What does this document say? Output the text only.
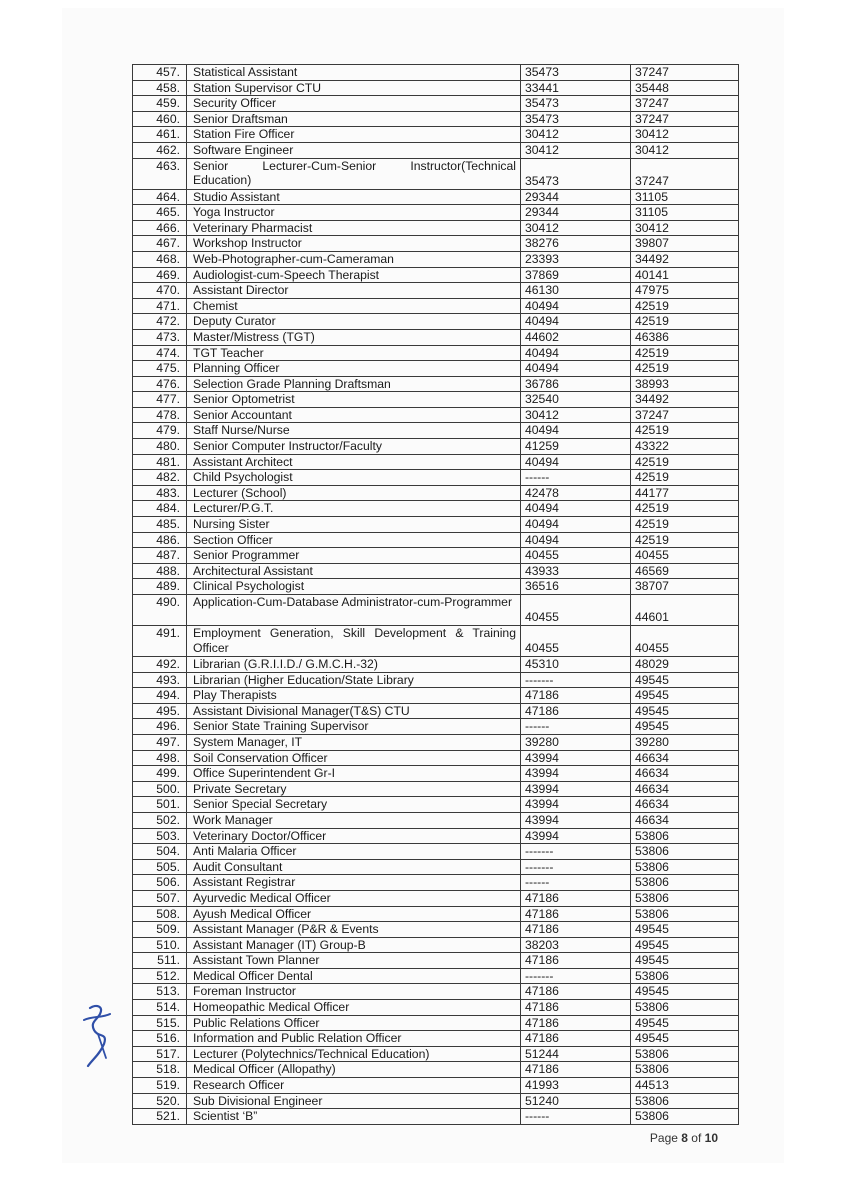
457.	Statistical Assistant	35473	37247
458.	Station Supervisor CTU	33441	35448
459.	Security Officer	35473	37247
460.	Senior Draftsman	35473	37247
461.	Station Fire Officer	30412	30412
462.	Software Engineer	30412	30412
463.	Senior Lecturer-Cum-Senior Instructor(Technical Education)	35473	37247
464.	Studio Assistant	29344	31105
465.	Yoga Instructor	29344	31105
466.	Veterinary Pharmacist	30412	30412
467.	Workshop Instructor	38276	39807
468.	Web-Photographer-cum-Cameraman	23393	34492
469.	Audiologist-cum-Speech Therapist	37869	40141
470.	Assistant Director	46130	47975
471.	Chemist	40494	42519
472.	Deputy Curator	40494	42519
473.	Master/Mistress (TGT)	44602	46386
474.	TGT Teacher	40494	42519
475.	Planning Officer	40494	42519
476.	Selection Grade Planning Draftsman	36786	38993
477.	Senior Optometrist	32540	34492
478.	Senior Accountant	30412	37247
479.	Staff Nurse/Nurse	40494	42519
480.	Senior Computer Instructor/Faculty	41259	43322
481.	Assistant Architect	40494	42519
482.	Child Psychologist	------	42519
483.	Lecturer (School)	42478	44177
484.	Lecturer/P.G.T.	40494	42519
485.	Nursing Sister	40494	42519
486.	Section Officer	40494	42519
487.	Senior Programmer	40455	40455
488.	Architectural Assistant	43933	46569
489.	Clinical Psychologist	36516	38707
490.	Application-Cum-Database Administrator-cum-Programmer	40455	44601
491.	Employment Generation, Skill Development & Training Officer	40455	40455
492.	Librarian (G.R.I.I.D./ G.M.C.H.-32)	45310	48029
493.	Librarian (Higher Education/State Library	-------	49545
494.	Play Therapists	47186	49545
495.	Assistant Divisional Manager(T&S) CTU	47186	49545
496.	Senior State Training Supervisor	------	49545
497.	System Manager, IT	39280	39280
498.	Soil Conservation Officer	43994	46634
499.	Office Superintendent Gr-I	43994	46634
500.	Private Secretary	43994	46634
501.	Senior Special Secretary	43994	46634
502.	Work Manager	43994	46634
503.	Veterinary Doctor/Officer	43994	53806
504.	Anti Malaria Officer	-------	53806
505.	Audit Consultant	-------	53806
506.	Assistant Registrar	------	53806
507.	Ayurvedic Medical Officer	47186	53806
508.	Ayush Medical Officer	47186	53806
509.	Assistant Manager (P&R & Events	47186	49545
510.	Assistant Manager (IT) Group-B	38203	49545
511.	Assistant Town Planner	47186	49545
512.	Medical Officer Dental	-------	53806
513.	Foreman Instructor	47186	49545
514.	Homeopathic Medical Officer	47186	53806
515.	Public Relations Officer	47186	49545
516.	Information and Public Relation Officer	47186	49545
517.	Lecturer (Polytechnics/Technical Education)	51244	53806
518.	Medical Officer (Allopathy)	47186	53806
519.	Research Officer	41993	44513
520.	Sub Divisional Engineer	51240	53806
521.	Scientist ‘B”	------	53806
Page 8 of 10
